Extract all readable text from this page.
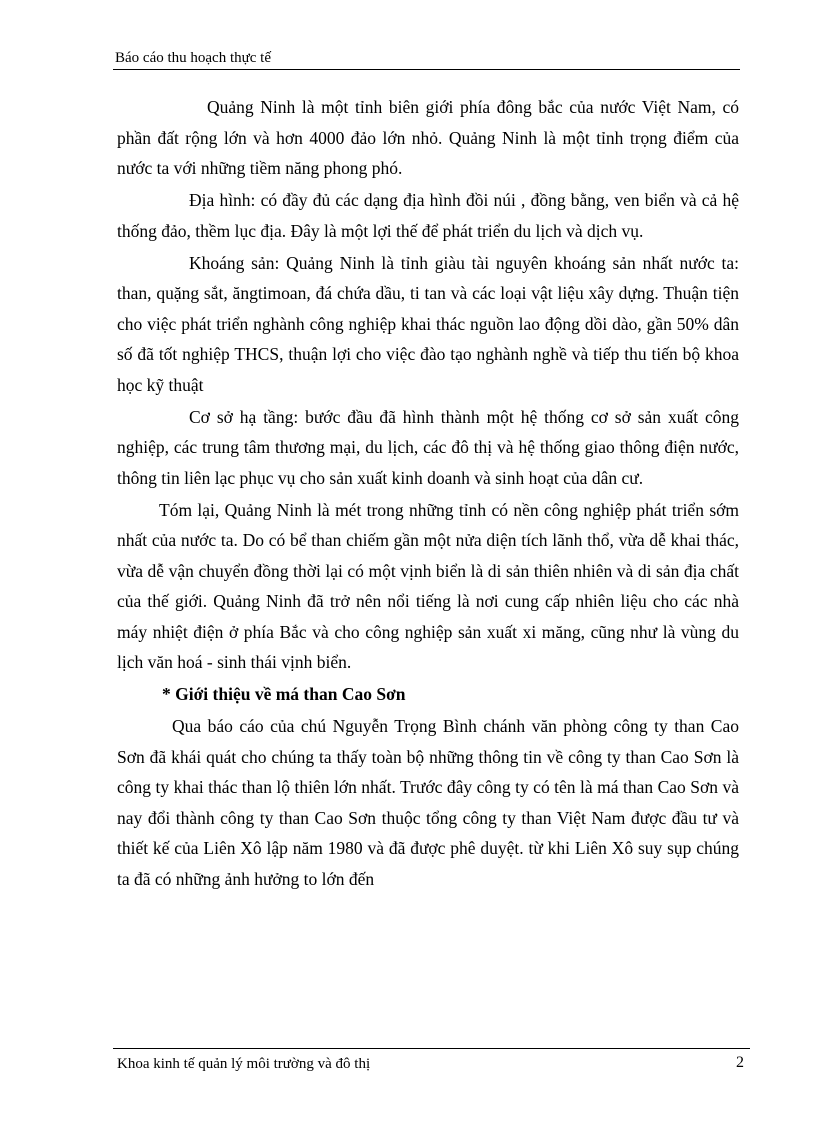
Báo cáo thu hoạch thực tế

Quảng Ninh là một tỉnh biên giới phía đông bắc của nước Việt Nam, có phần đất rộng lớn và hơn 4000 đảo lớn nhỏ. Quảng Ninh là một tỉnh trọng điểm của nước ta với những tiềm năng phong phó.

Địa hình: có đầy đủ các dạng địa hình đồi núi , đồng bằng, ven biển và cả hệ thống đảo, thềm lục địa. Đây là một lợi thế để phát triển du lịch và dịch vụ.

Khoáng sản: Quảng Ninh là tỉnh giàu tài nguyên khoáng sản nhất nước ta: than, quặng sắt, ăngtimoan, đá chứa dầu, ti tan và các loại vật liệu xây dựng. Thuận tiện cho việc phát triển nghành công nghiệp khai thác nguồn lao động dồi dào, gần 50% dân số đã tốt nghiệp THCS, thuận lợi cho việc đào tạo nghành nghề và tiếp thu tiến bộ khoa học kỹ thuật

Cơ sở hạ tầng: bước đầu đã hình thành một hệ thống cơ sở sản xuất công nghiệp, các trung tâm thương mại, du lịch, các đô thị và hệ thống giao thông điện nước, thông tin liên lạc phục vụ cho sản xuất kinh doanh và sinh hoạt của dân cư.

Tóm lại, Quảng Ninh là mét trong những tỉnh có nền công nghiệp phát triển sớm nhất của nước ta. Do có bể than chiếm gần một nửa diện tích lãnh thổ, vừa dễ khai thác, vừa dễ vận chuyển đồng thời lại có một vịnh biển là di sản thiên nhiên và di sản địa chất của thế giới. Quảng Ninh đã trở nên nổi tiếng là nơi cung cấp nhiên liệu cho các nhà máy nhiệt điện ở phía Bắc và cho công nghiệp sản xuất xi măng, cũng như là vùng du lịch văn hoá - sinh thái vịnh biển.

* Giới thiệu về má than Cao Sơn

Qua báo cáo của chú Nguyễn Trọng Bình chánh văn phòng công ty than Cao Sơn đã khái quát cho chúng ta thấy toàn bộ những thông tin về công ty than Cao Sơn là công ty khai thác than lộ thiên lớn nhất. Trước đây công ty có tên là má than Cao Sơn và nay đổi thành công ty than Cao Sơn thuộc tổng công ty than Việt Nam được đầu tư và thiết kế của Liên Xô lập năm 1980 và đã được phê duyệt. từ khi Liên Xô suy sụp chúng ta đã có những ảnh hưởng to lớn đến

Khoa kinh tế quản lý môi trường và đô thị	2
